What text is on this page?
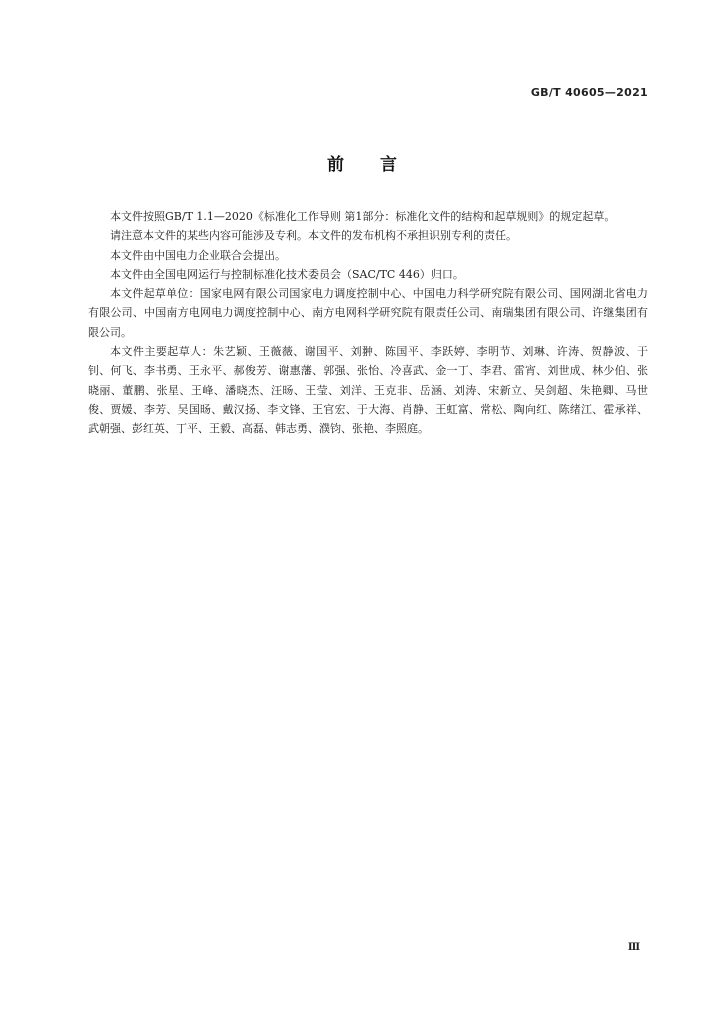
GB/T 40605—2021
前言

本文件按照GB/T 1.1—2020《标准化工作导则 第1部分：标准化文件的结构和起草规则》的规定起草。

请注意本文件的某些内容可能涉及专利。本文件的发布机构不承担识别专利的责任。

本文件由中国电力企业联合会提出。

本文件由全国电网运行与控制标准化技术委员会（SAC/TC 446）归口。

本文件起草单位：国家电网有限公司国家电力调度控制中心、中国电力科学研究院有限公司、国网湖北省电力有限公司、中国南方电网电力调度控制中心、南方电网科学研究院有限责任公司、南瑞集团有限公司、许继集团有限公司。

本文件主要起草人：朱艺颖、王薇薇、谢国平、刘翀、陈国平、李跃婷、李明节、刘琳、许涛、贺静波、于钊、何飞、李书勇、王永平、郝俊芳、谢惠藩、郭强、张怡、冷喜武、金一丁、李君、雷宵、刘世成、林少伯、张晓丽、董鹏、张星、王峰、潘晓杰、汪旸、王莹、刘洋、王克非、岳涵、刘涛、宋新立、吴剑超、朱艳卿、马世俊、贾媛、李芳、吴国旸、戴汉扬、李文锋、王官宏、于大海、肖静、王虹富、常松、陶向红、陈绪江、霍承祥、武朝强、彭红英、丁平、王毅、高磊、韩志勇、濮钧、张艳、李照庭。

Ⅲ
